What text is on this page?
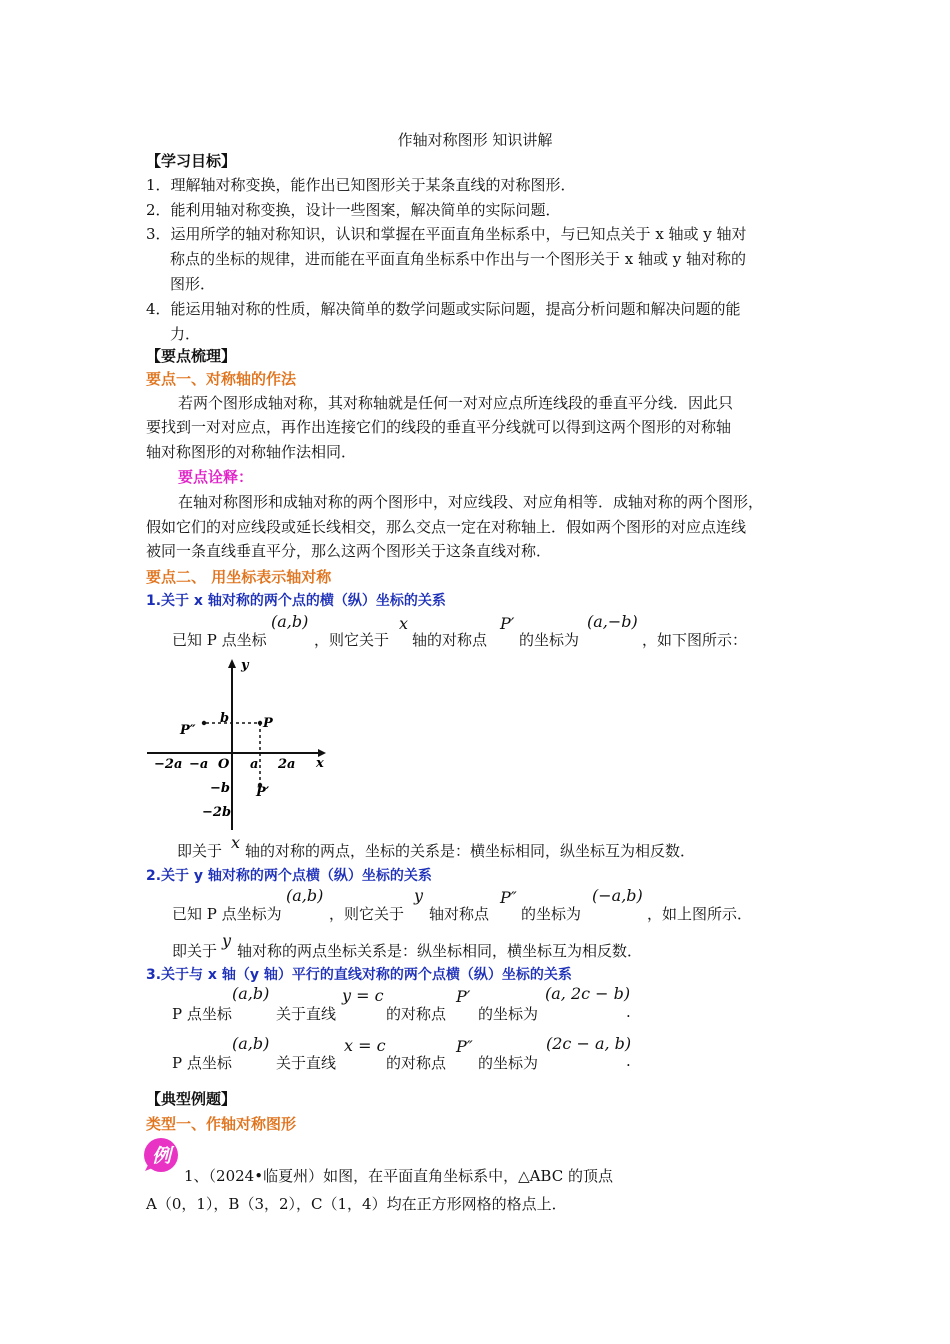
作轴对称图形 知识讲解
【学习目标】
1．理解轴对称变换，能作出已知图形关于某条直线的对称图形．
2．能利用轴对称变换，设计一些图案，解决简单的实际问题．
3．运用所学的轴对称知识，认识和掌握在平面直角坐标系中，与已知点关于 x 轴或 y 轴对
称点的坐标的规律，进而能在平面直角坐标系中作出与一个图形关于 x 轴或 y 轴对称的
图形．
4．能运用轴对称的性质，解决简单的数学问题或实际问题，提高分析问题和解决问题的能
力．
【要点梳理】
要点一、对称轴的作法
若两个图形成轴对称，其对称轴就是任何一对对应点所连线段的垂直平分线．因此只
要找到一对对应点，再作出连接它们的线段的垂直平分线就可以得到这两个图形的对称轴
轴对称图形的对称轴作法相同．
要点诠释：
在轴对称图形和成轴对称的两个图形中，对应线段、对应角相等．成轴对称的两个图形，
假如它们的对应线段或延长线相交，那么交点一定在对称轴上．假如两个图形的对应点连线
被同一条直线垂直平分，那么这两个图形关于这条直线对称．
要点二、 用坐标表示轴对称
1.关于 x 轴对称的两个点的横（纵）坐标的关系
已知 P 点坐标
(a,b)
，则它关于
x
轴的对称点
P′
的坐标为
(a,−b)
，如下图所示：
y
x
b	P
P″
−2a −a O a 2a
−b P′
−2b
即关于 x 轴的对称的两点，坐标的关系是：横坐标相同，纵坐标互为相反数．
2.关于 y 轴对称的两个点横（纵）坐标的关系
已知 P 点坐标为
(a,b)
，则它关于
y
轴对称点
P″
的坐标为
(−a,b)
，如上图所示．
即关于
y
轴对称的两点坐标关系是：纵坐标相同，横坐标互为相反数．
3.关于与 x 轴（y 轴）平行的直线对称的两个点横（纵）坐标的关系
P 点坐标
(a,b)
关于直线
y = c
的对称点
P′
的坐标为
(a, 2c − b)
.
P 点坐标
(a,b)
关于直线
x = c
的对称点
P″
的坐标为
(2c − a, b)
.
【典型例题】
类型一、作轴对称图形
例
1、（2024•临夏州）如图，在平面直角坐标系中，△ABC 的顶点
A（0，1），B（3，2），C（1，4）均在正方形网格的格点上．
